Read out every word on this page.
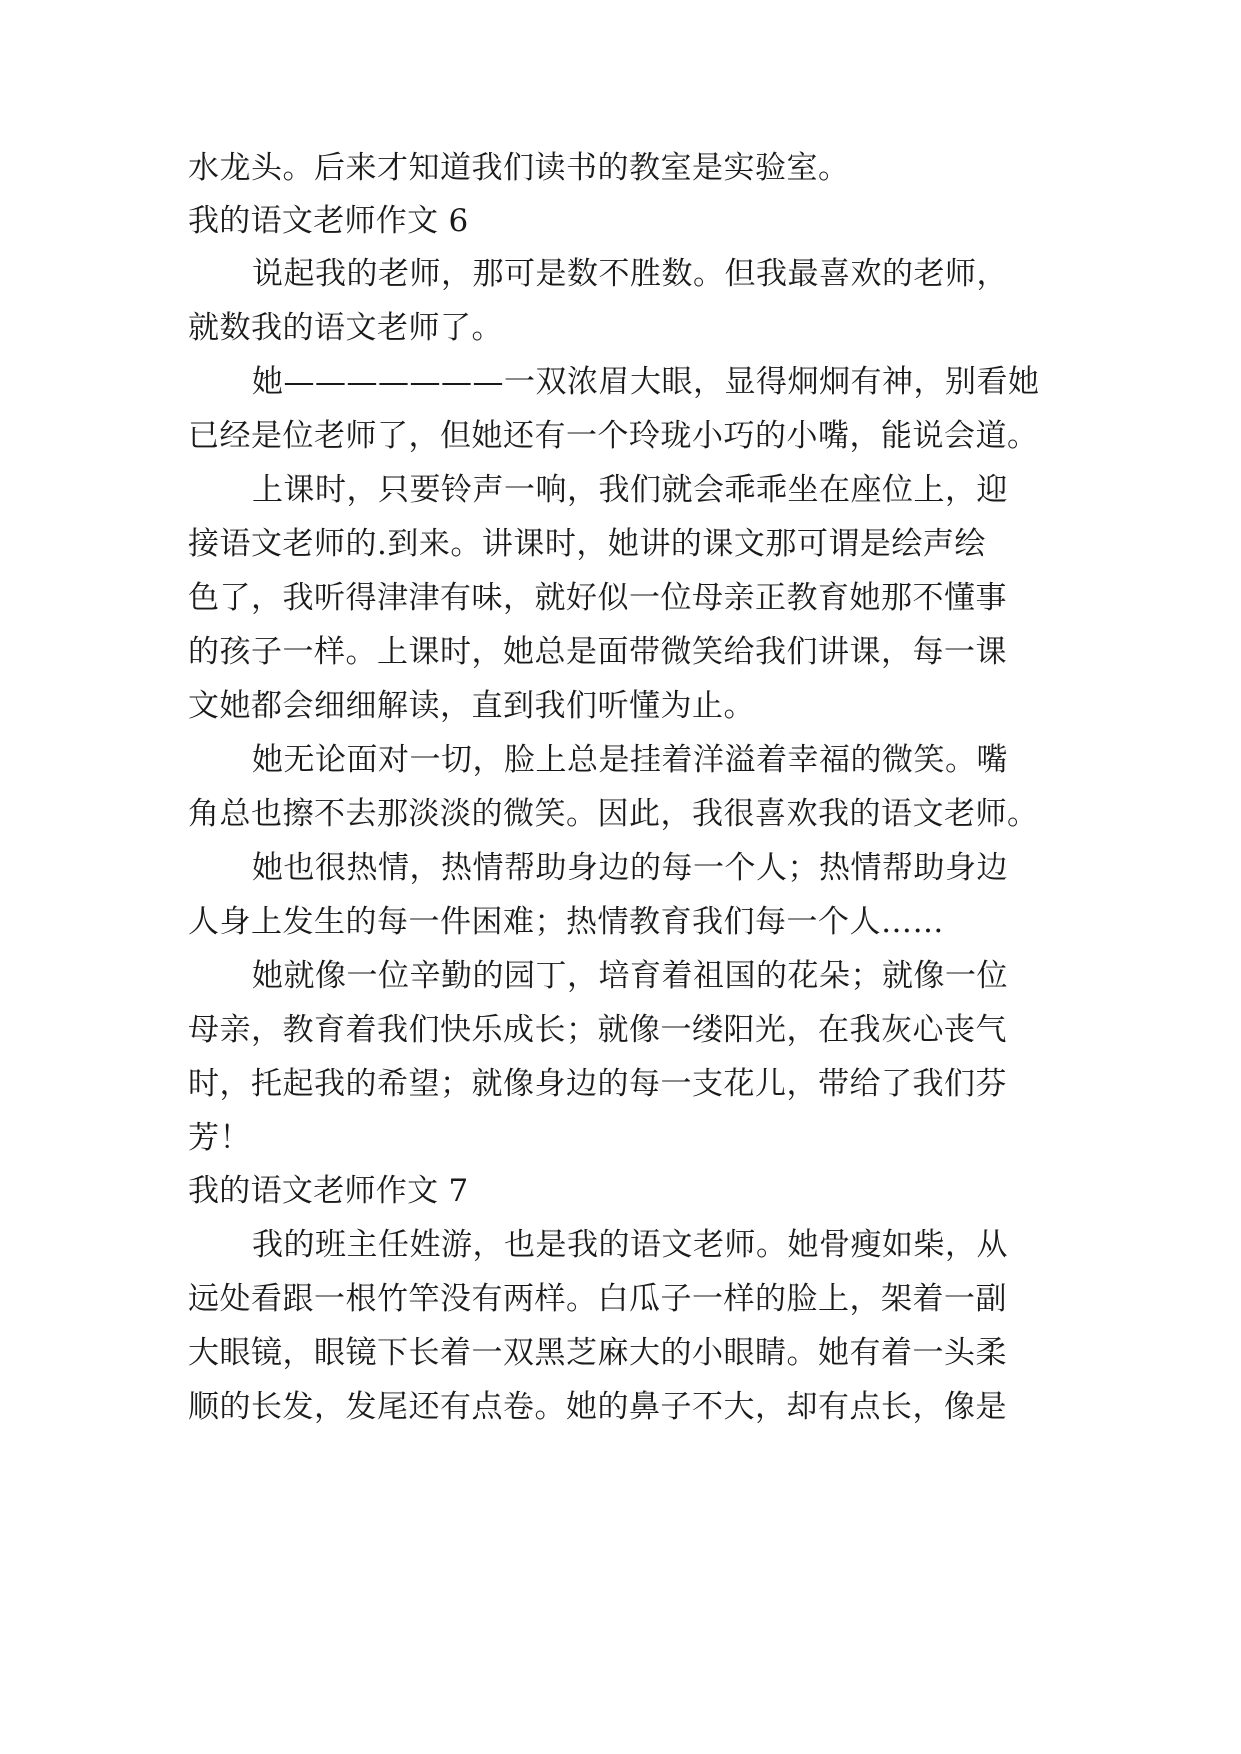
水龙头。后来才知道我们读书的教室是实验室。
我的语文老师作文 6
说起我的老师，那可是数不胜数。但我最喜欢的老师，
就数我的语文老师了。
她———————一双浓眉大眼，显得炯炯有神，别看她
已经是位老师了，但她还有一个玲珑小巧的小嘴，能说会道。
上课时，只要铃声一响，我们就会乖乖坐在座位上，迎
接语文老师的.到来。讲课时，她讲的课文那可谓是绘声绘
色了，我听得津津有味，就好似一位母亲正教育她那不懂事
的孩子一样。上课时，她总是面带微笑给我们讲课，每一课
文她都会细细解读，直到我们听懂为止。
她无论面对一切，脸上总是挂着洋溢着幸福的微笑。嘴
角总也擦不去那淡淡的微笑。因此，我很喜欢我的语文老师。
她也很热情，热情帮助身边的每一个人；热情帮助身边
人身上发生的每一件困难；热情教育我们每一个人……
她就像一位辛勤的园丁，培育着祖国的花朵；就像一位
母亲，教育着我们快乐成长；就像一缕阳光，在我灰心丧气
时，托起我的希望；就像身边的每一支花儿，带给了我们芬
芳！
我的语文老师作文 7
我的班主任姓游，也是我的语文老师。她骨瘦如柴，从
远处看跟一根竹竿没有两样。白瓜子一样的脸上，架着一副
大眼镜，眼镜下长着一双黑芝麻大的小眼睛。她有着一头柔
顺的长发，发尾还有点卷。她的鼻子不大，却有点长，像是
